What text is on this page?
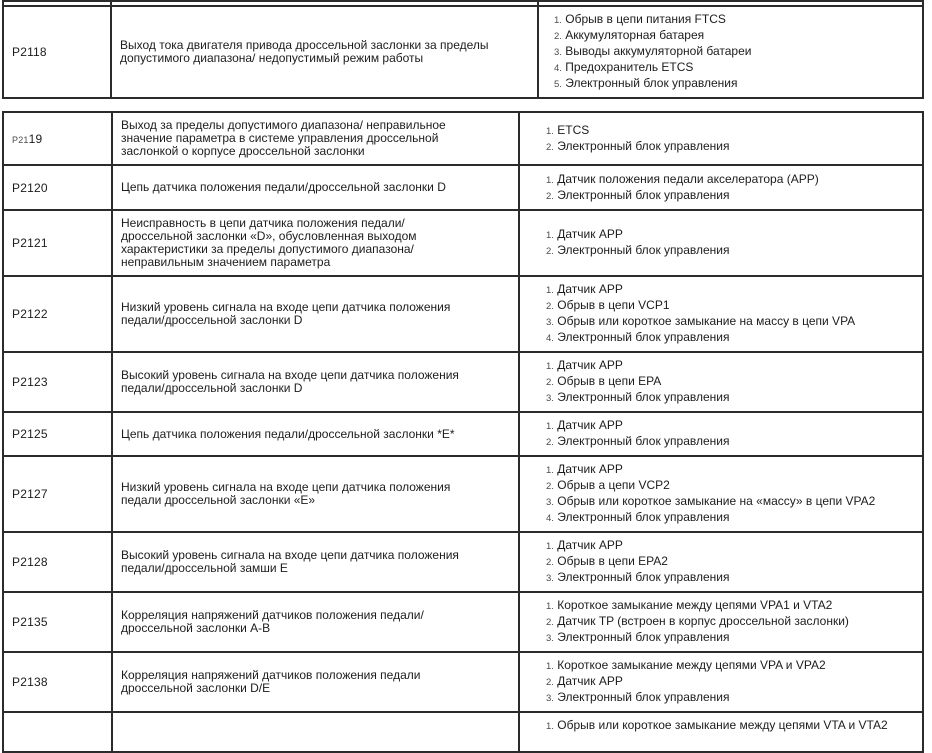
P2118	Выход тока двигателя привода дроссельной заслонки за пределы допустимого диапазона/ недопустимый режим работы	1. Обрыв в цепи питания FTCS
2. Аккумуляторная батарея
3. Выводы аккумуляторной батареи
4. Предохранитель ETCS
5. Электронный блок управления
P2119	Выход за пределы допустимого диапазона/ неправильное значение параметра в системе управления дроссельной заслонкой о корпусе дроссельной заслонки	1. ETCS
2. Электронный блок управления

P2120	Цепь датчика положения педали/дроссельной заслонки D	1. Датчик положения педали акселератора (APP)
2. Электронный блок управления

P2121	Неисправность в цепи датчика положения педали/дроссельной заслонки «D», обусловленная выходом характеристики за пределы допустимого диапазона/ неправильным значением параметра	1. Датчик APP
2. Электронный блок управления

P2122	Низкий уровень сигнала на входе цепи датчика положения педали/дроссельной заслонки D	1. Датчик APP
2. Обрыв в цепи VCP1
3. Обрыв или короткое замыкание на массу в цепи VPA
4. Электронный блок управления

P2123	Высокий уровень сигнала на входе цепи датчика положения педали/дроссельной заслонки D	1. Датчик APP
2. Обрыв в цепи EPA
3. Электронный блок управления

P2125	Цепь датчика положения педали/дроссельной заслонки *Е*	1. Датчик APP
2. Электронный блок управления

P2127	Низкий уровень сигнала на входе цепи датчика положения педали дроссельной заслонки «Е»	1. Датчик APP
2. Обрыв а цепи VCP2
3. Обрыв или короткое замыкание на «массу» в цепи VPA2
4. Электронный блок управления

P2128	Высокий уровень сигнала на входе цепи датчика положения педали/дроссельной замши Е	1. Датчик APP
2. Обрыв в цепи EPA2
3. Электронный блок управления

P2135	Корреляция напряжений датчиков положения педали/ дроссельной заслонки A-B	1. Короткое замыкание между цепями VPA1 и VTA2
2. Датчик TP (встроен в корпус дроссельной заслонки)
3. Электронный блок управления

P2138	Корреляция напряжений датчиков положения педали дроссельной заслонки D/E	1. Короткое замыкание между цепями VPA и VPA2
2. Датчик APP
3. Электронный блок управления

		1. Обрыв или короткое замыкание между цепями VTA и VTA2
